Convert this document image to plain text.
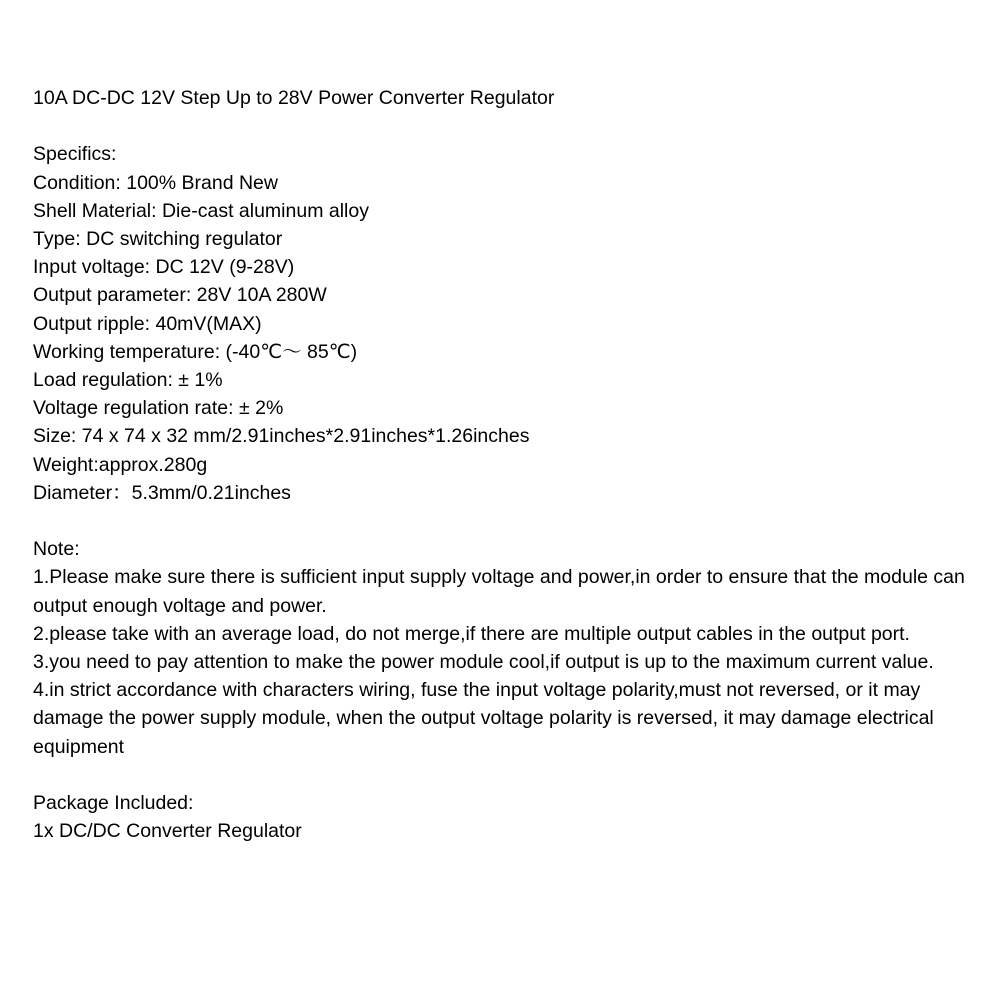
10A DC-DC 12V Step Up to 28V Power Converter Regulator
Specifics:
Condition: 100% Brand New
Shell Material: Die-cast aluminum alloy
Type: DC switching regulator
Input voltage: DC 12V (9-28V)
Output parameter: 28V 10A 280W
Output ripple: 40mV(MAX)
Working temperature: (-40℃～ 85℃)
Load regulation: ± 1%
Voltage regulation rate: ± 2%
Size: 74 x 74 x 32 mm/2.91inches*2.91inches*1.26inches
Weight:approx.280g
Diameter：5.3mm/0.21inches
Note:
1.Please make sure there is sufficient input supply voltage and power,in order to ensure that the module can output enough voltage and power.
2.please take with an average load, do not merge,if there are multiple output cables in the output port.
3.you need to pay attention to make the power module cool,if output is up to the maximum current value.
4.in strict accordance with characters wiring, fuse the input voltage polarity,must not reversed, or it may damage the power supply module, when the output voltage polarity is reversed, it may damage electrical equipment
Package Included:
1x DC/DC Converter Regulator
